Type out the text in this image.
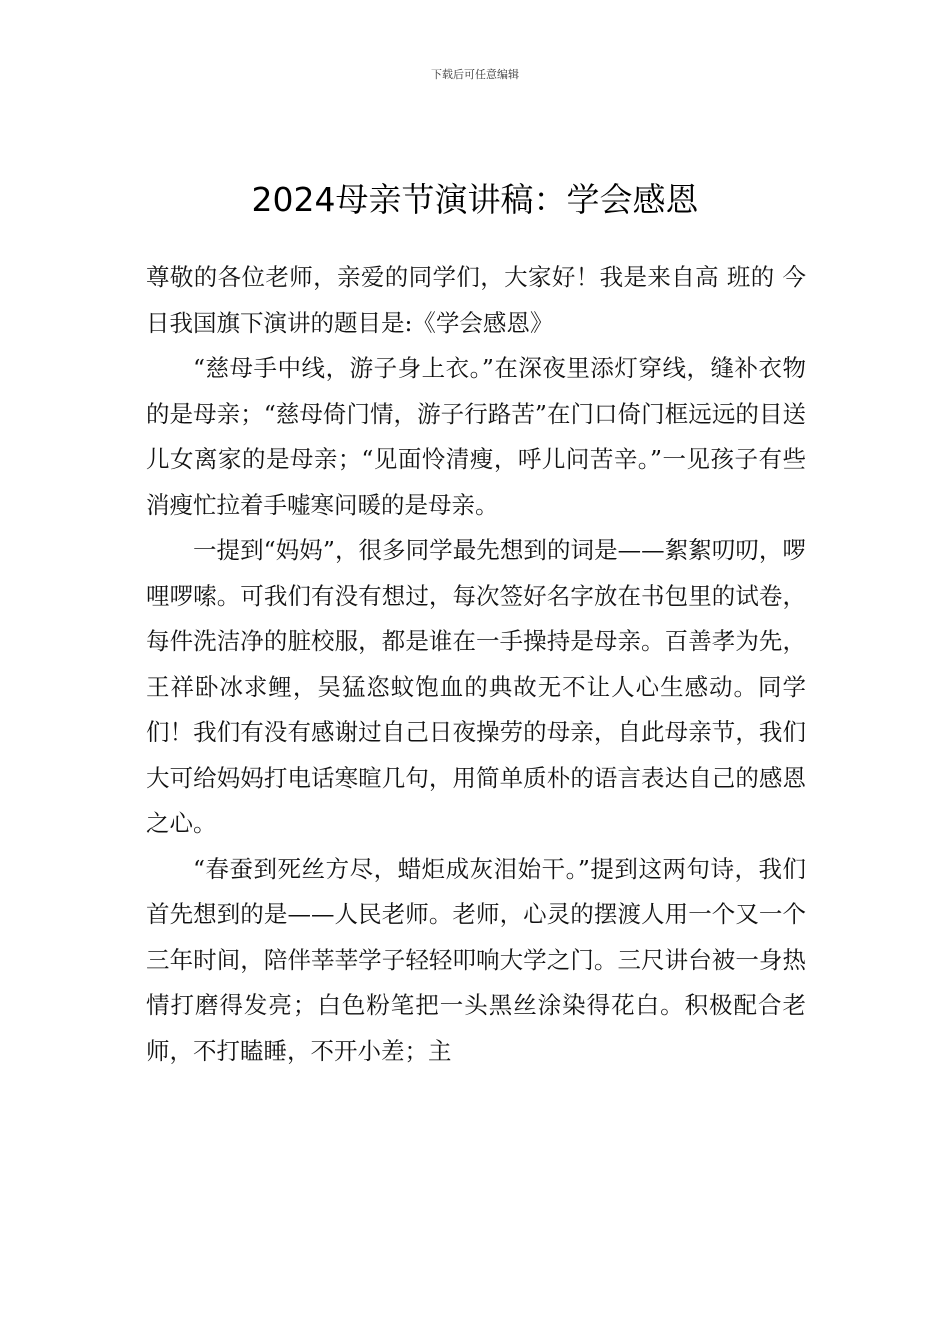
下载后可任意编辑
2024母亲节演讲稿：学会感恩

尊敬的各位老师，亲爱的同学们，大家好！我是来自高 班的 今日我国旗下演讲的题目是:《学会感恩》

“慈母手中线，游子身上衣。”在深夜里添灯穿线，缝补衣物的是母亲；“慈母倚门情，游子行路苦”在门口倚门框远远的目送儿女离家的是母亲；“见面怜清瘦，呼儿问苦辛。”一见孩子有些消瘦忙拉着手嘘寒问暖的是母亲。

一提到“妈妈”，很多同学最先想到的词是——絮絮叨叨，啰哩啰嗦。可我们有没有想过，每次签好名字放在书包里的试卷，每件洗洁净的脏校服，都是谁在一手操持是母亲。百善孝为先，王祥卧冰求鲤，吴猛恣蚊饱血的典故无不让人心生感动。同学们！我们有没有感谢过自己日夜操劳的母亲，自此母亲节，我们大可给妈妈打电话寒暄几句，用简单质朴的语言表达自己的感恩之心。

“春蚕到死丝方尽，蜡炬成灰泪始干。”提到这两句诗，我们首先想到的是——人民老师。老师，心灵的摆渡人用一个又一个三年时间，陪伴莘莘学子轻轻叩响大学之门。三尺讲台被一身热情打磨得发亮；白色粉笔把一头黑丝涂染得花白。积极配合老师，不打瞌睡，不开小差；主
